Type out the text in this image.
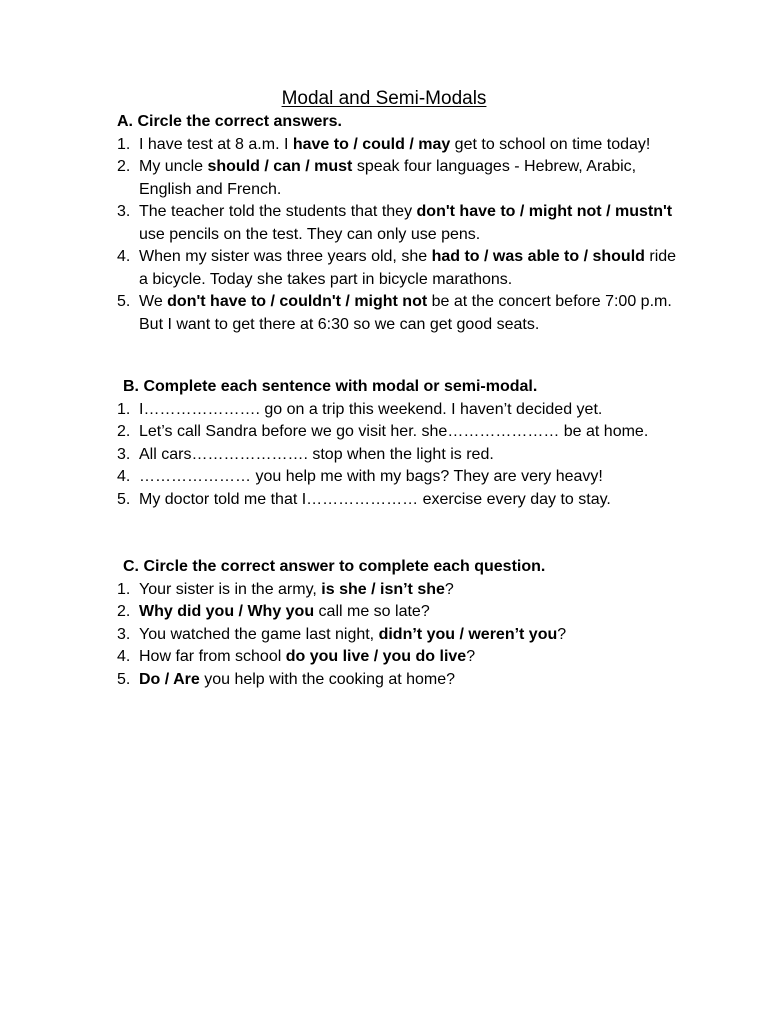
Modal and Semi-Modals
A. Circle the correct answers.
1. I have test at 8 a.m. I have to / could / may get to school on time today!
2. My uncle should / can / must speak four languages - Hebrew, Arabic, English and French.
3. The teacher told the students that they don't have to / might not / mustn't use pencils on the test. They can only use pens.
4. When my sister was three years old, she had to / was able to / should ride a bicycle. Today she takes part in bicycle marathons.
5. We don't have to / couldn't / might not be at the concert before 7:00 p.m. But I want to get there at 6:30 so we can get good seats.
B. Complete each sentence with modal or semi-modal.
1. I…………………. go on a trip this weekend. I haven’t decided yet.
2. Let’s call Sandra before we go visit her. she………………… be at home.
3. All cars…………………. stop when the light is red.
4. ………………… you help me with my bags? They are very heavy!
5. My doctor told me that I………………… exercise every day to stay.
C. Circle the correct answer to complete each question.
1. Your sister is in the army, is she / isn’t she?
2. Why did you / Why you call me so late?
3. You watched the game last night, didn’t you / weren’t you?
4. How far from school do you live / you do live?
5. Do / Are you help with the cooking at home?
